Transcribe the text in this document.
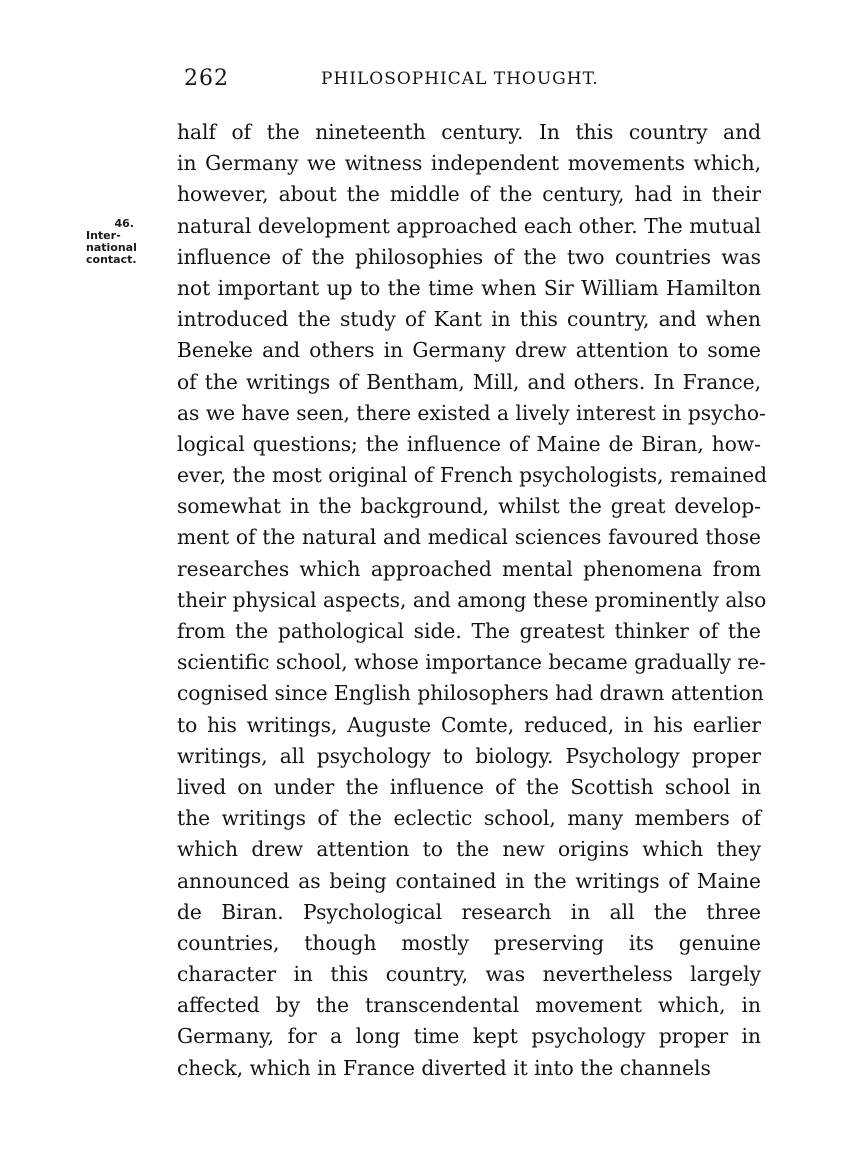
262	PHILOSOPHICAL THOUGHT.
46.
Inter-
national
contact.
half of the nineteenth century. In this country and
in Germany we witness independent movements which,
however, about the middle of the century, had in their
natural development approached each other. The mutual
influence of the philosophies of the two countries was
not important up to the time when Sir William Hamilton
introduced the study of Kant in this country, and when
Beneke and others in Germany drew attention to some
of the writings of Bentham, Mill, and others. In France,
as we have seen, there existed a lively interest in psycho-
logical questions; the influence of Maine de Biran, how-
ever, the most original of French psychologists, remained
somewhat in the background, whilst the great develop-
ment of the natural and medical sciences favoured those
researches which approached mental phenomena from
their physical aspects, and among these prominently also
from the pathological side. The greatest thinker of the
scientific school, whose importance became gradually re-
cognised since English philosophers had drawn attention
to his writings, Auguste Comte, reduced, in his earlier
writings, all psychology to biology. Psychology proper
lived on under the influence of the Scottish school in
the writings of the eclectic school, many members of
which drew attention to the new origins which they
announced as being contained in the writings of Maine
de Biran. Psychological research in all the three
countries, though mostly preserving its genuine
character in this country, was nevertheless largely
affected by the transcendental movement which, in
Germany, for a long time kept psychology proper in
check, which in France diverted it into the channels
